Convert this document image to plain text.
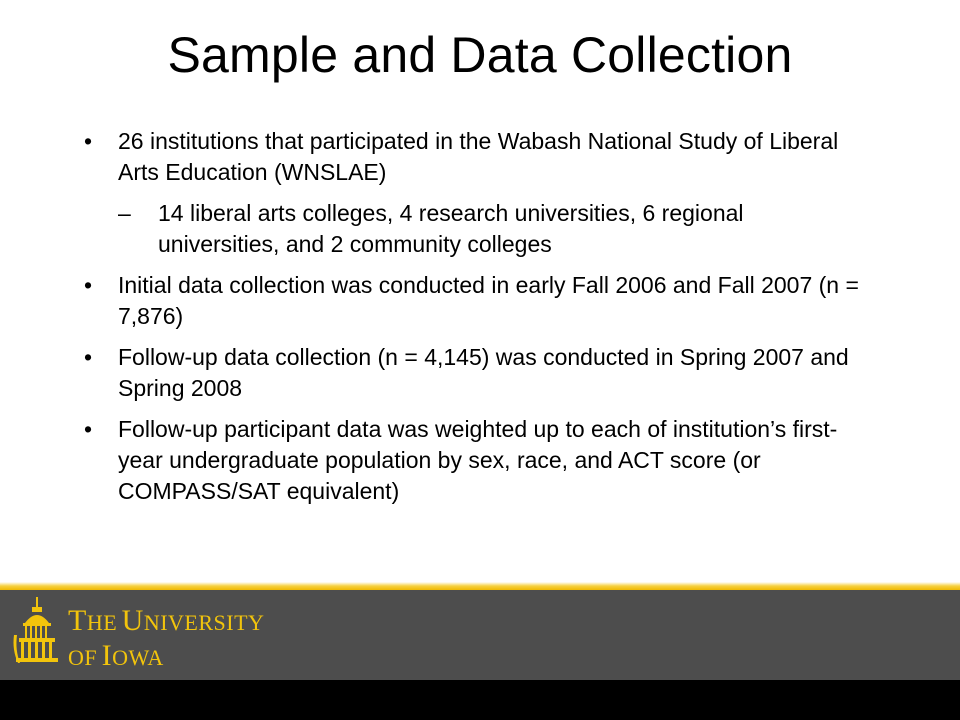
Sample and Data Collection
• 26 institutions that participated in the Wabash National Study of Liberal Arts Education (WNSLAE)
– 14 liberal arts colleges, 4 research universities, 6 regional universities, and 2 community colleges
• Initial data collection was conducted in early Fall 2006 and Fall 2007 (n = 7,876)
• Follow-up data collection (n = 4,145) was conducted in Spring 2007 and Spring 2008
• Follow-up participant data was weighted up to each of institution’s first-year undergraduate population by sex, race, and ACT score (or COMPASS/SAT equivalent)
THE UNIVERSITY
OF IOWA
